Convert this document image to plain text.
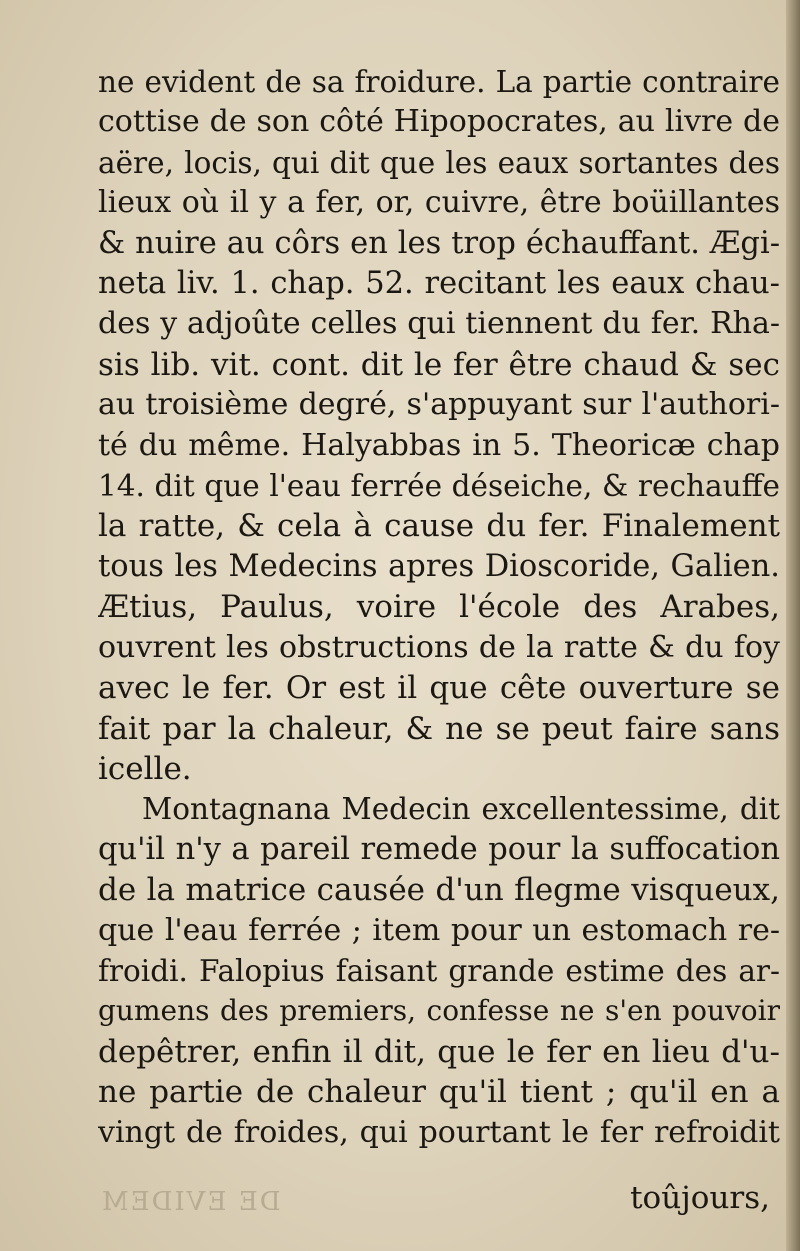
ne evident de sa froidure. La partie contraire
cottise de son côté Hipopocrates, au livre de
aëre, locis, qui dit que les eaux sortantes des
lieux où il y a fer, or, cuivre, être boüillantes
& nuire au côrs en les trop échauffant. Ægi-
neta liv. 1. chap. 52. recitant les eaux chau-
des y adjoûte celles qui tiennent du fer. Rha-
sis lib. vit. cont. dit le fer être chaud & sec
au troisième degré, s'appuyant sur l'authori-
té du même. Halyabbas in 5. Theoricæ chap
14. dit que l'eau ferrée déseiche, & rechauffe
la ratte, & cela à cause du fer. Finalement
tous les Medecins apres Dioscoride, Galien.
Ætius, Paulus, voire l'école des Arabes,
ouvrent les obstructions de la ratte & du foy
avec le fer. Or est il que cête ouverture se
fait par la chaleur, & ne se peut faire sans
icelle.
Montagnana Medecin excellentessime, dit
qu'il n'y a pareil remede pour la suffocation
de la matrice causée d'un flegme visqueux,
que l'eau ferrée ; item pour un estomach re-
froidi. Falopius faisant grande estime des ar-
gumens des premiers, confesse ne s'en pouvoir
depêtrer, enfin il dit, que le fer en lieu d'u-
ne partie de chaleur qu'il tient ; qu'il en a
vingt de froides, qui pourtant le fer refroidit
DE EVIDEM	toûjours,
